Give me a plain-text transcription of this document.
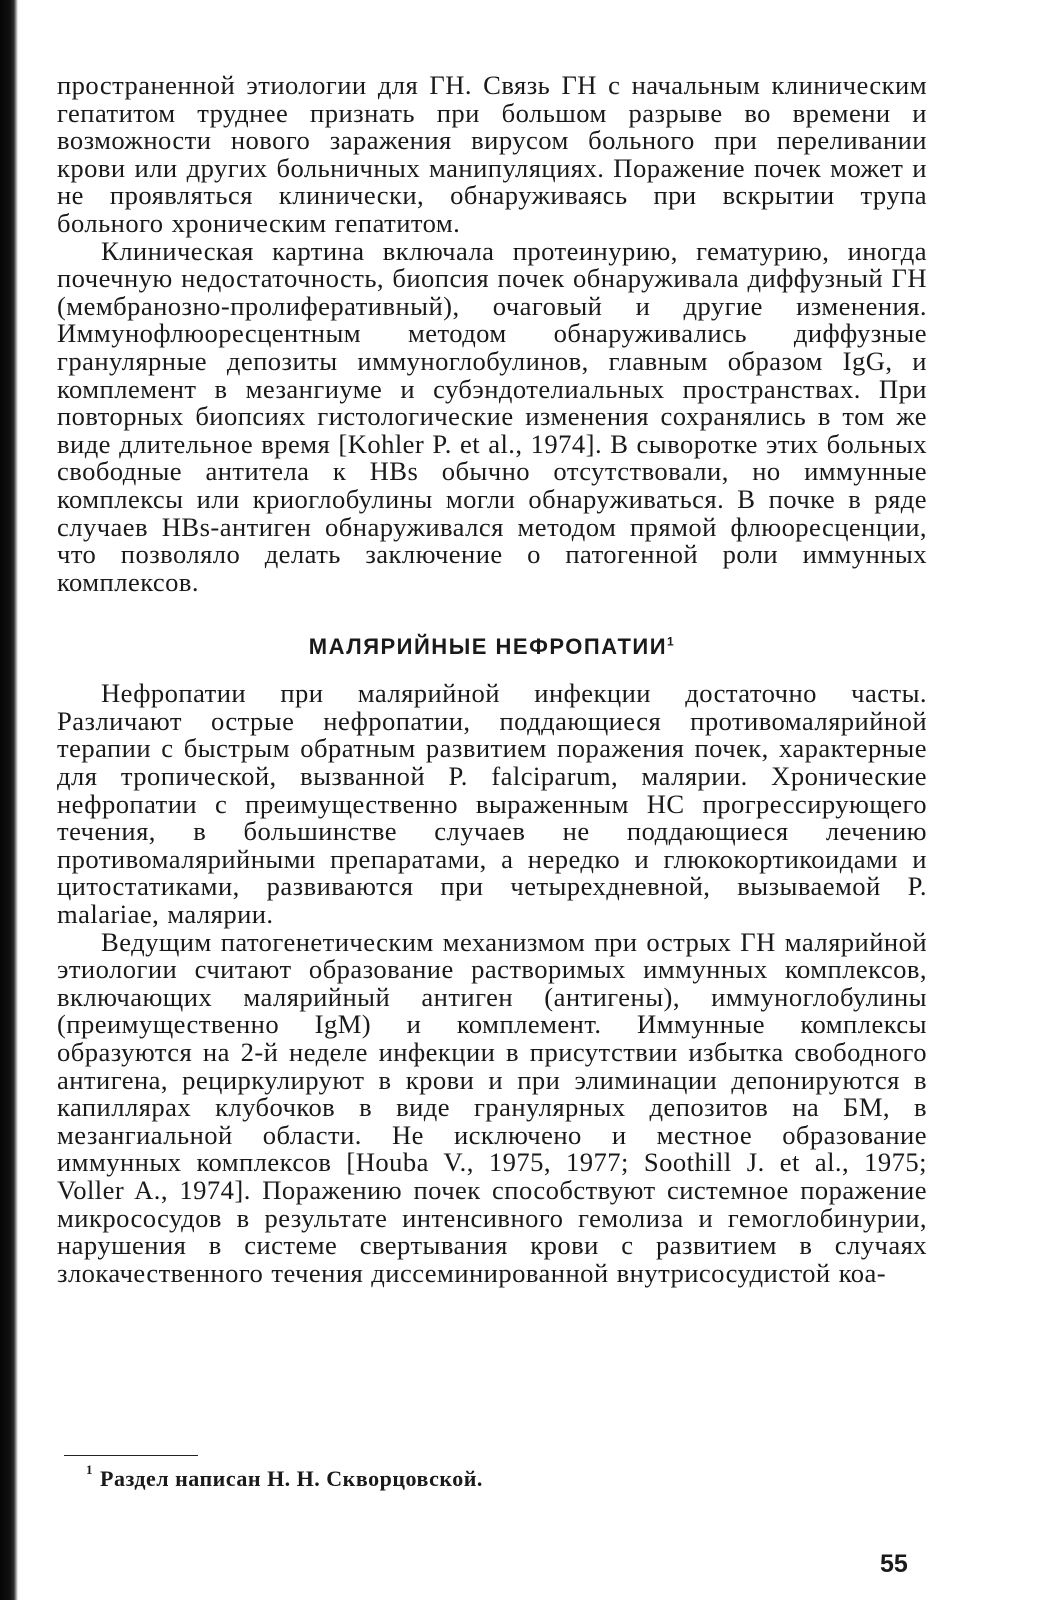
пространенной этиологии для ГН. Связь ГН с начальным клиническим гепатитом труднее признать при большом разрыве во времени и возможности нового заражения вирусом больного при переливании крови или других больничных манипуляциях. Поражение почек может и не проявляться клинически, обнаруживаясь при вскрытии трупа больного хроническим гепатитом.

Клиническая картина включала протеинурию, гематурию, иногда почечную недостаточность, биопсия почек обнаруживала диффузный ГН (мембранозно-пролиферативный), очаговый и другие изменения. Иммунофлюоресцентным методом обнаруживались диффузные гранулярные депозиты иммуноглобулинов, главным образом IgG, и комплемент в мезангиуме и субэндотелиальных пространствах. При повторных биопсиях гистологические изменения сохранялись в том же виде длительное время [Kohler P. et al., 1974]. В сыворотке этих больных свободные антитела к HBs обычно отсутствовали, но иммунные комплексы или криоглобулины могли обнаруживаться. В почке в ряде случаев HBs-антиген обнаруживался методом прямой флюоресценции, что позволяло делать заключение о патогенной роли иммунных комплексов.

МАЛЯРИЙНЫЕ НЕФРОПАТИИ$^1$

Нефропатии при малярийной инфекции достаточно часты. Различают острые нефропатии, поддающиеся противомалярийной терапии с быстрым обратным развитием поражения почек, характерные для тропической, вызванной P. falciparum, малярии. Хронические нефропатии с преимущественно выраженным НС прогрессирующего течения, в большинстве случаев не поддающиеся лечению противомалярийными препаратами, а нередко и глюкокортикоидами и цитостатиками, развиваются при четырехдневной, вызываемой P. malariae, малярии.

Ведущим патогенетическим механизмом при острых ГН малярийной этиологии считают образование растворимых иммунных комплексов, включающих малярийный антиген (антигены), иммуноглобулины (преимущественно IgM) и комплемент. Иммунные комплексы образуются на 2-й неделе инфекции в присутствии избытка свободного антигена, рециркулируют в крови и при элиминации депонируются в капиллярах клубочков в виде гранулярных депозитов на БМ, в мезангиальной области. Не исключено и местное образование иммунных комплексов [Houba V., 1975, 1977; Soothill J. et al., 1975; Voller A., 1974]. Поражению почек способствуют системное поражение микрососудов в результате интенсивного гемолиза и гемоглобинурии, нарушения в системе свертывания крови с развитием в случаях злокачественного течения диссеминированной внутрисосудистой коа-

1 Раздел написан Н. Н. Скворцовской.
55
